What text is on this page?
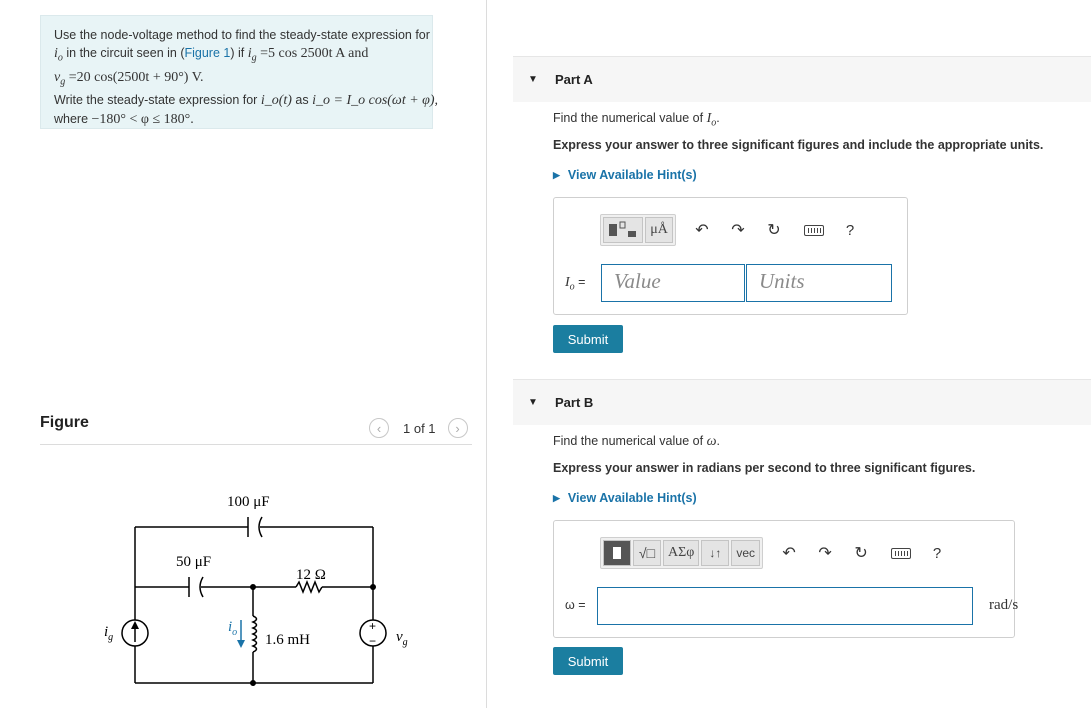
Use the node-voltage method to find the steady-state expression for
$i_o$ in the circuit seen in (Figure 1) if $i_g =5$ cos 2500t A and
$v_g =20$ cos(2500t + 90°) V.
Write the steady-state expression for i_o(t) as i_o = I_o cos(ωt + φ),
where −180° < φ ≤ 180°.
Figure	‹	1 of 1	›
100 μF
50 μF
12 Ω
1.6 mH
$i_g$
$i_o$	$v_g$
+
−
▼ Part A
Find the numerical value of $I_o$.
Express your answer to three significant figures and include the appropriate units.
▶ View Available Hint(s)
μÅ	↶	↷	↻	?
$I_o$ =	Value	Units
Submit
▼ Part B
Find the numerical value of ω.
Express your answer in radians per second to three significant figures.
▶ View Available Hint(s)
√□ ΑΣφ	↓↑	vec	↶	↷	↻	?
ω =	rad/s
Submit
